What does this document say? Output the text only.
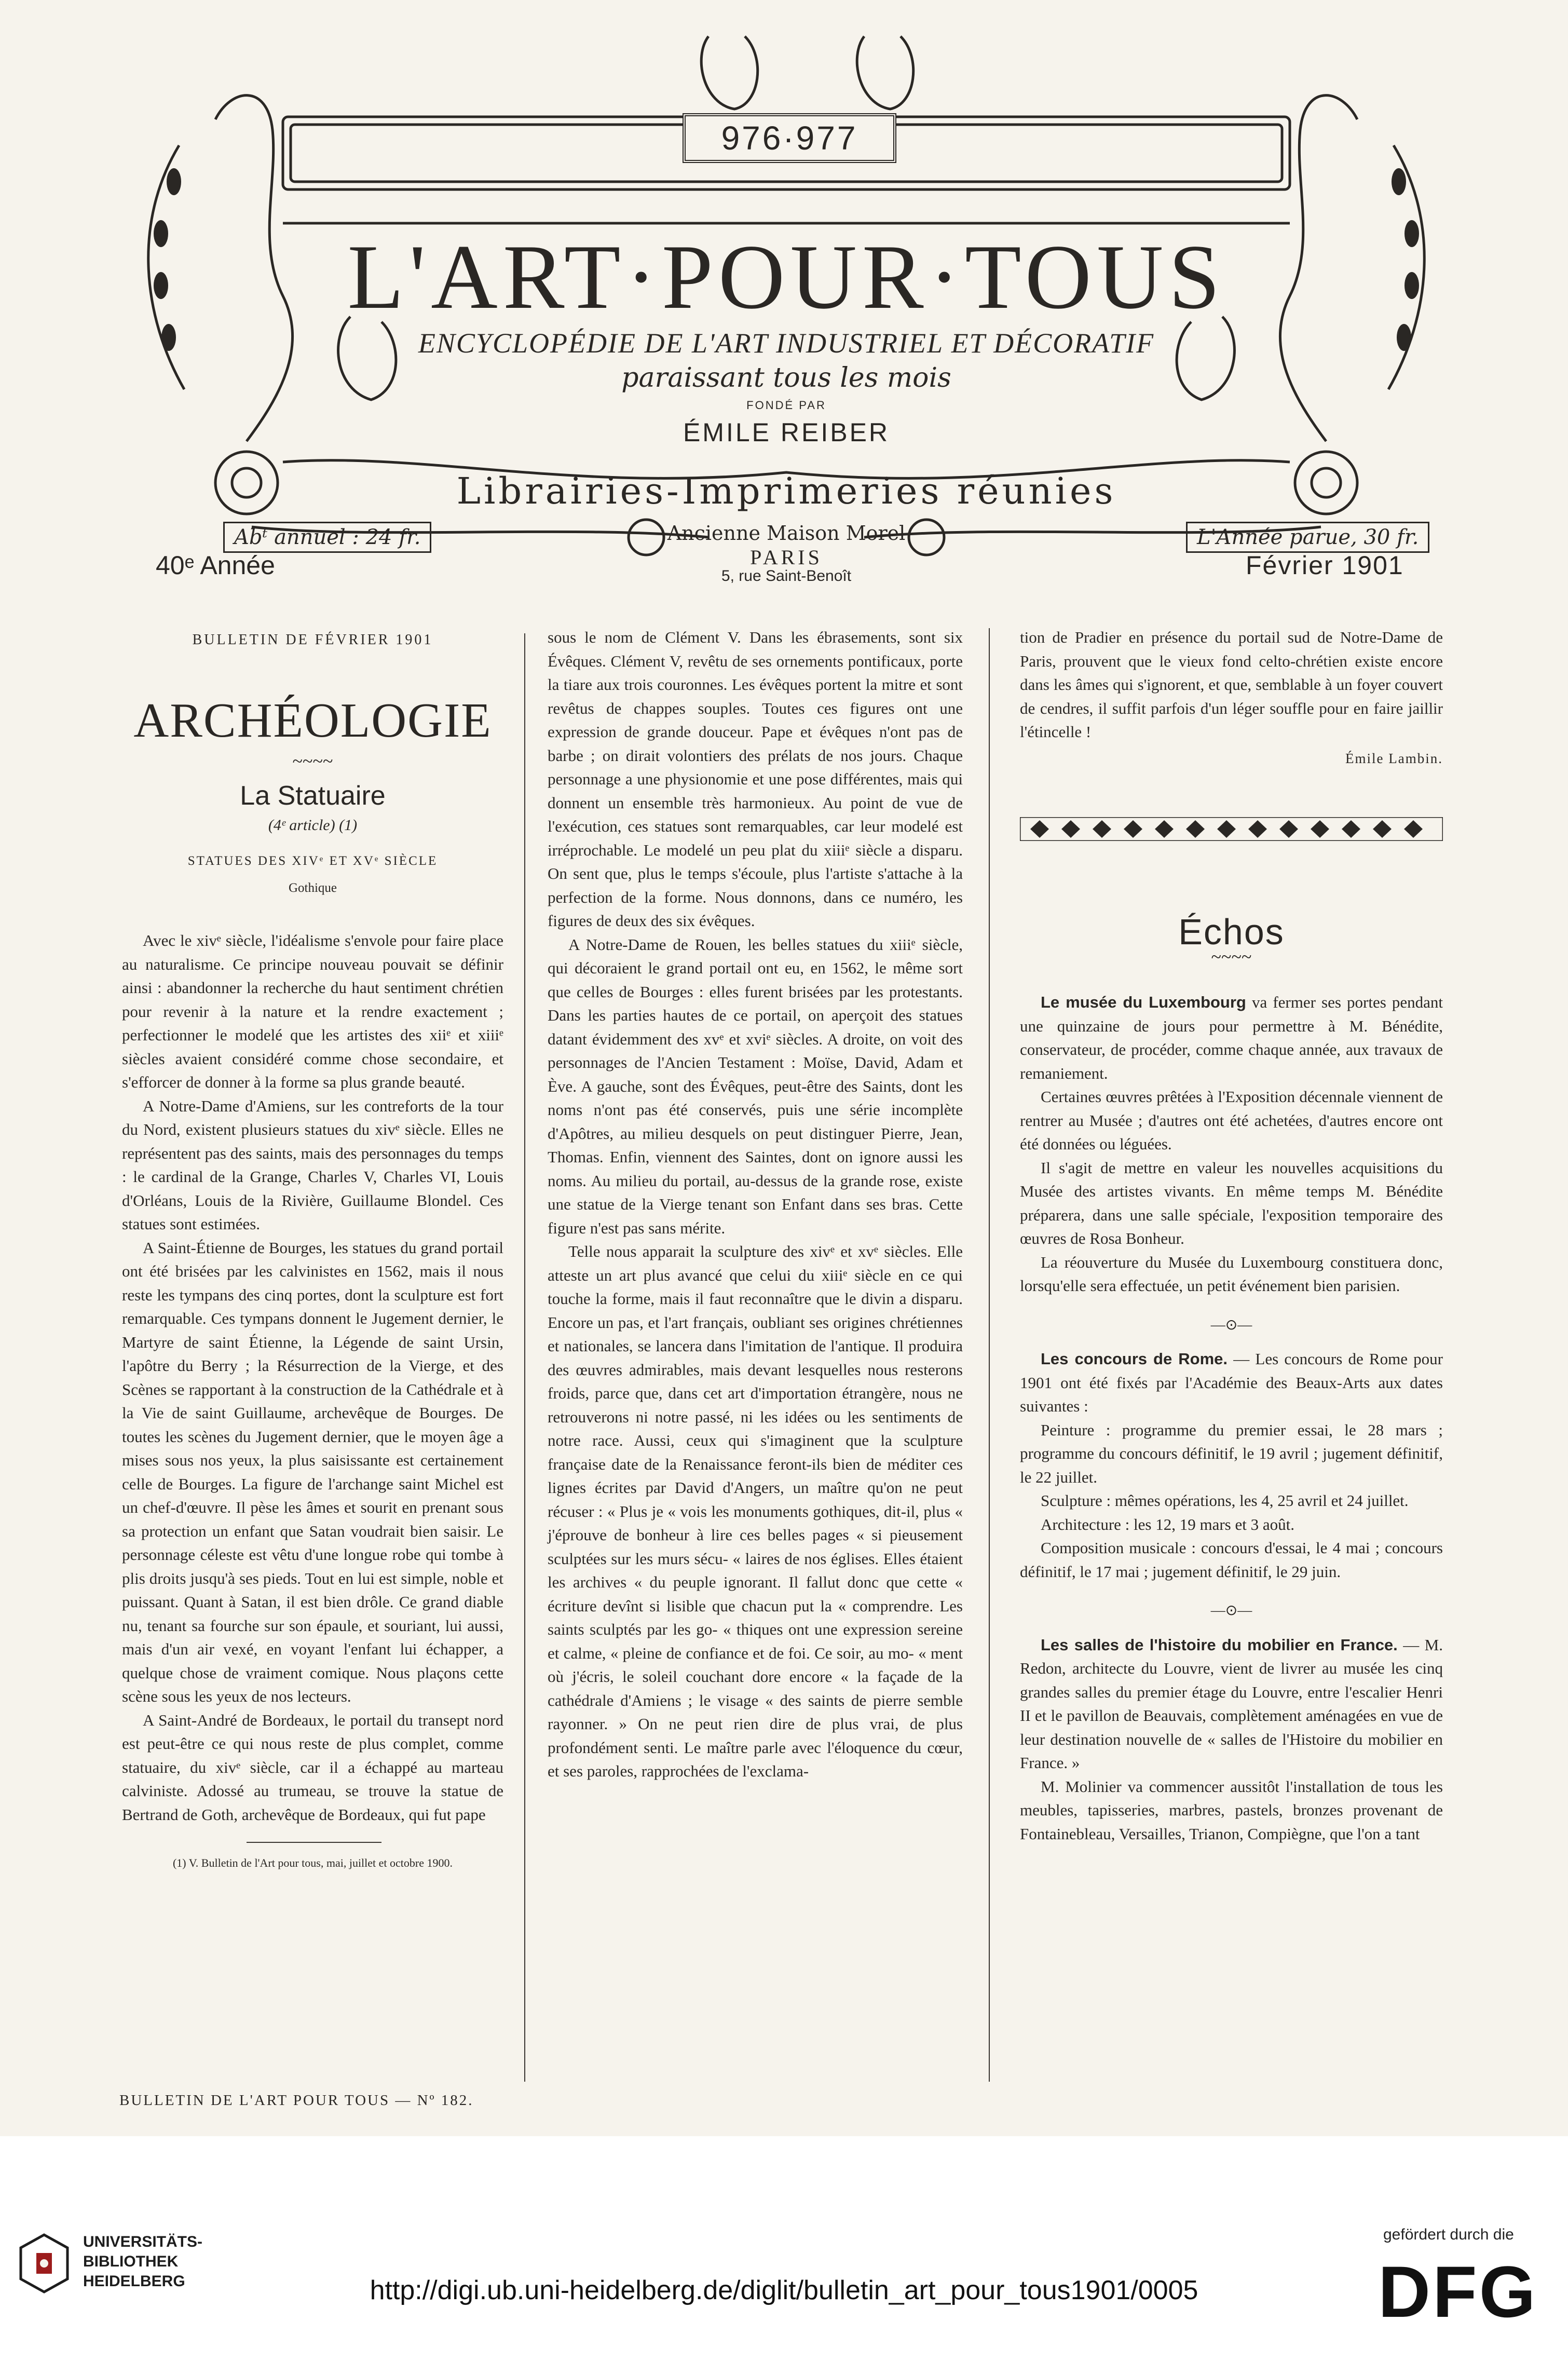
976·977
L'ART·POUR·TOUS
ENCYCLOPÉDIE DE L'ART INDUSTRIEL ET DÉCORATIF
paraissant tous les mois
FONDÉ PAR
ÉMILE REIBER
Librairies-Imprimeries réunies
Ancienne Maison Morel
PARIS
5, rue Saint-Benoît
Abᵗ annuel : 24 fr.	L'Année parue, 30 fr.
40ᵉ Année	Février 1901
BULLETIN DE FÉVRIER 1901
ARCHÉOLOGIE
~~~~
La Statuaire
(4ᵉ article) (1)
STATUES DES XIVᵉ ET XVᵉ SIÈCLE
Gothique

Avec le xivᵉ siècle, l'idéalisme s'envole pour faire place au naturalisme. Ce principe nouveau pouvait se définir ainsi : abandonner la recherche du haut sentiment chrétien pour revenir à la nature et la rendre exactement ; perfectionner le modelé que les artistes des xiiᵉ et xiiiᵉ siècles avaient considéré comme chose secondaire, et s'efforcer de donner à la forme sa plus grande beauté.

A Notre-Dame d'Amiens, sur les contreforts de la tour du Nord, existent plusieurs statues du xivᵉ siècle. Elles ne représentent pas des saints, mais des personnages du temps : le cardinal de la Grange, Charles V, Charles VI, Louis d'Orléans, Louis de la Rivière, Guillaume Blondel. Ces statues sont estimées.

A Saint-Étienne de Bourges, les statues du grand portail ont été brisées par les calvinistes en 1562, mais il nous reste les tympans des cinq portes, dont la sculpture est fort remarquable. Ces tympans donnent le Jugement dernier, le Martyre de saint Étienne, la Légende de saint Ursin, l'apôtre du Berry ; la Résurrection de la Vierge, et des Scènes se rapportant à la construction de la Cathédrale et à la Vie de saint Guillaume, archevêque de Bourges. De toutes les scènes du Jugement dernier, que le moyen âge a mises sous nos yeux, la plus saisissante est certainement celle de Bourges. La figure de l'archange saint Michel est un chef-d'œuvre. Il pèse les âmes et sourit en prenant sous sa protection un enfant que Satan voudrait bien saisir. Le personnage céleste est vêtu d'une longue robe qui tombe à plis droits jusqu'à ses pieds. Tout en lui est simple, noble et puissant. Quant à Satan, il est bien drôle. Ce grand diable nu, tenant sa fourche sur son épaule, et souriant, lui aussi, mais d'un air vexé, en voyant l'enfant lui échapper, a quelque chose de vraiment comique. Nous plaçons cette scène sous les yeux de nos lecteurs.

A Saint-André de Bordeaux, le portail du transept nord est peut-être ce qui nous reste de plus complet, comme statuaire, du xivᵉ siècle, car il a échappé au marteau calviniste. Adossé au trumeau, se trouve la statue de Bertrand de Goth, archevêque de Bordeaux, qui fut pape

(1) V. Bulletin de l'Art pour tous, mai, juillet et octobre 1900.

sous le nom de Clément V. Dans les ébrasements, sont six Évêques. Clément V, revêtu de ses ornements pontificaux, porte la tiare aux trois couronnes. Les évêques portent la mitre et sont revêtus de chappes souples. Toutes ces figures ont une expression de grande douceur. Pape et évêques n'ont pas de barbe ; on dirait volontiers des prélats de nos jours. Chaque personnage a une physionomie et une pose différentes, mais qui donnent un ensemble très harmonieux. Au point de vue de l'exécution, ces statues sont remarquables, car leur modelé est irréprochable. Le modelé un peu plat du xiiiᵉ siècle a disparu. On sent que, plus le temps s'écoule, plus l'artiste s'attache à la perfection de la forme. Nous donnons, dans ce numéro, les figures de deux des six évêques.

A Notre-Dame de Rouen, les belles statues du xiiiᵉ siècle, qui décoraient le grand portail ont eu, en 1562, le même sort que celles de Bourges : elles furent brisées par les protestants. Dans les parties hautes de ce portail, on aperçoit des statues datant évidemment des xvᵉ et xviᵉ siècles. A droite, on voit des personnages de l'Ancien Testament : Moïse, David, Adam et Ève. A gauche, sont des Évêques, peut-être des Saints, dont les noms n'ont pas été conservés, puis une série incomplète d'Apôtres, au milieu desquels on peut distinguer Pierre, Jean, Thomas. Enfin, viennent des Saintes, dont on ignore aussi les noms. Au milieu du portail, au-dessus de la grande rose, existe une statue de la Vierge tenant son Enfant dans ses bras. Cette figure n'est pas sans mérite.

Telle nous apparait la sculpture des xivᵉ et xvᵉ siècles. Elle atteste un art plus avancé que celui du xiiiᵉ siècle en ce qui touche la forme, mais il faut reconnaître que le divin a disparu. Encore un pas, et l'art français, oubliant ses origines chrétiennes et nationales, se lancera dans l'imitation de l'antique. Il produira des œuvres admirables, mais devant lesquelles nous resterons froids, parce que, dans cet art d'importation étrangère, nous ne retrouverons ni notre passé, ni les idées ou les sentiments de notre race. Aussi, ceux qui s'imaginent que la sculpture française date de la Renaissance feront-ils bien de méditer ces lignes écrites par David d'Angers, un maître qu'on ne peut récuser : « Plus je « vois les monuments gothiques, dit-il, plus « j'éprouve de bonheur à lire ces belles pages « si pieusement sculptées sur les murs sécu- « laires de nos églises. Elles étaient les archives « du peuple ignorant. Il fallut donc que cette « écriture devînt si lisible que chacun put la « comprendre. Les saints sculptés par les go- « thiques ont une expression sereine et calme, « pleine de confiance et de foi. Ce soir, au mo- « ment où j'écris, le soleil couchant dore encore « la façade de la cathédrale d'Amiens ; le visage « des saints de pierre semble rayonner. » On ne peut rien dire de plus vrai, de plus profondément senti. Le maître parle avec l'éloquence du cœur, et ses paroles, rapprochées de l'exclama-

tion de Pradier en présence du portail sud de Notre-Dame de Paris, prouvent que le vieux fond celto-chrétien existe encore dans les âmes qui s'ignorent, et que, semblable à un foyer couvert de cendres, il suffit parfois d'un léger souffle pour en faire jaillir l'étincelle !

Émile Lambin.
Échos
~~~~

Le musée du Luxembourg va fermer ses portes pendant une quinzaine de jours pour permettre à M. Bénédite, conservateur, de procéder, comme chaque année, aux travaux de remaniement.

Certaines œuvres prêtées à l'Exposition décennale viennent de rentrer au Musée ; d'autres ont été achetées, d'autres encore ont été données ou léguées.

Il s'agit de mettre en valeur les nouvelles acquisitions du Musée des artistes vivants. En même temps M. Bénédite préparera, dans une salle spéciale, l'exposition temporaire des œuvres de Rosa Bonheur.

La réouverture du Musée du Luxembourg constituera donc, lorsqu'elle sera effectuée, un petit événement bien parisien.

—⊙—

Les concours de Rome. — Les concours de Rome pour 1901 ont été fixés par l'Académie des Beaux-Arts aux dates suivantes :

Peinture : programme du premier essai, le 28 mars ; programme du concours définitif, le 19 avril ; jugement définitif, le 22 juillet.

Sculpture : mêmes opérations, les 4, 25 avril et 24 juillet.

Architecture : les 12, 19 mars et 3 août.

Composition musicale : concours d'essai, le 4 mai ; concours définitif, le 17 mai ; jugement définitif, le 29 juin.

—⊙—

Les salles de l'histoire du mobilier en France. — M. Redon, architecte du Louvre, vient de livrer au musée les cinq grandes salles du premier étage du Louvre, entre l'escalier Henri II et le pavillon de Beauvais, complètement aménagées en vue de leur destination nouvelle de « salles de l'Histoire du mobilier en France. »

M. Molinier va commencer aussitôt l'installation de tous les meubles, tapisseries, marbres, pastels, bronzes provenant de Fontainebleau, Versailles, Trianon, Compiègne, que l'on a tant

BULLETIN DE L'ART POUR TOUS — Nº 182.
UNIVERSITÄTS-
BIBLIOTHEK
HEIDELBERG	http://digi.ub.uni-heidelberg.de/diglit/bulletin_art_pour_tous1901/0005
gefördert durch die
DFG
